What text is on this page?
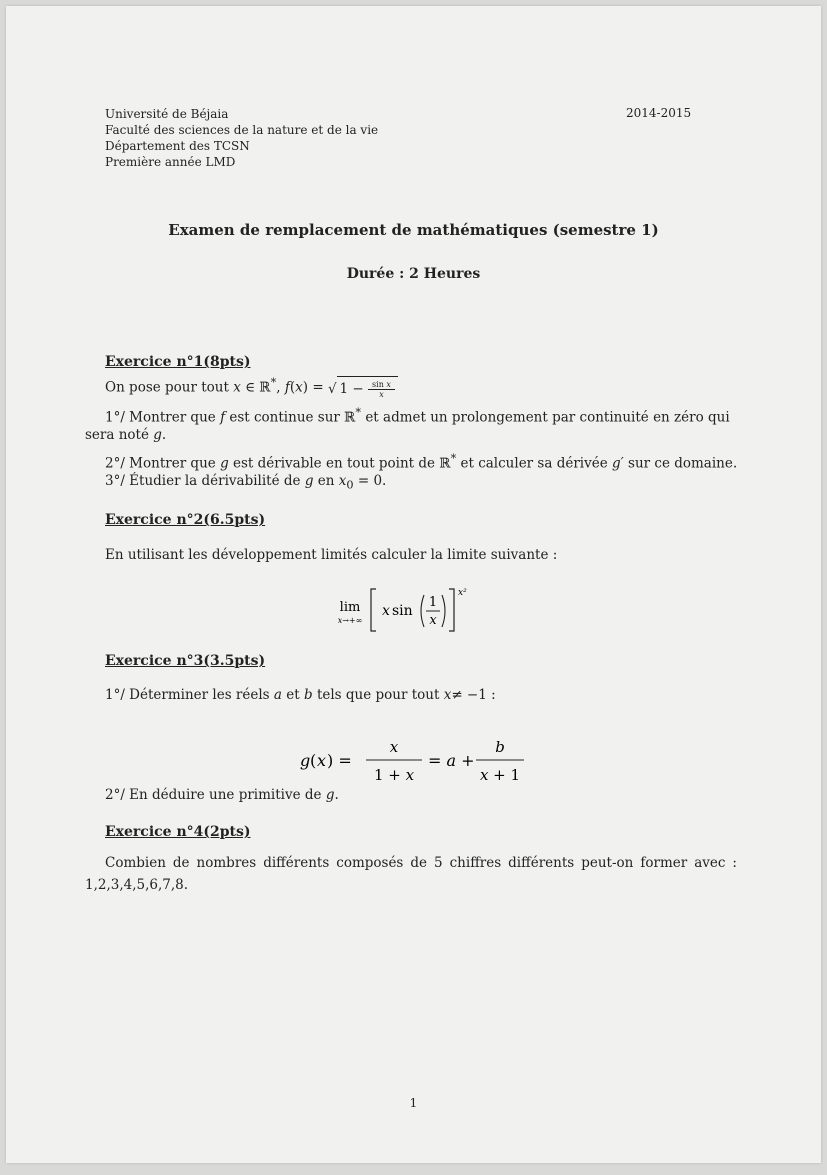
Université de Béjaia
Faculté des sciences de la nature et de la vie
Département des TCSN
Première année LMD
2014-2015
Examen de remplacement de mathématiques (semestre 1)
Durée : 2 Heures
Exercice n°1(8pts)
On pose pour tout x ∈ ℝ*, f(x) = √ $1 - \frac{\text{sin x}}{x}$
1°/ Montrer que f est continue sur ℝ* et admet un prolongement par continuité en zéro qui
sera noté g.
2°/ Montrer que g est dérivable en tout point de ℝ* et calculer sa dérivée g′ sur ce domaine.
3°/ Étudier la dérivabilité de g en $x_0 = 0$.
Exercice n°2(6.5pts)
En utilisant les développement limités calculer la limite suivante :
lim
x→+∞
x sin
1
x
x²
Exercice n°3(3.5pts)
1°/ Déterminer les réels a et b tels que pour tout x≠ −1 :
g ( x ) =
x
1 + x
= a +
b
x + 1
2°/ En déduire une primitive de g.
Exercice n°4(2pts)
Combien de nombres différents composés de 5 chiffres différents peut-on former avec : 1,2,3,4,5,6,7,8.
1
